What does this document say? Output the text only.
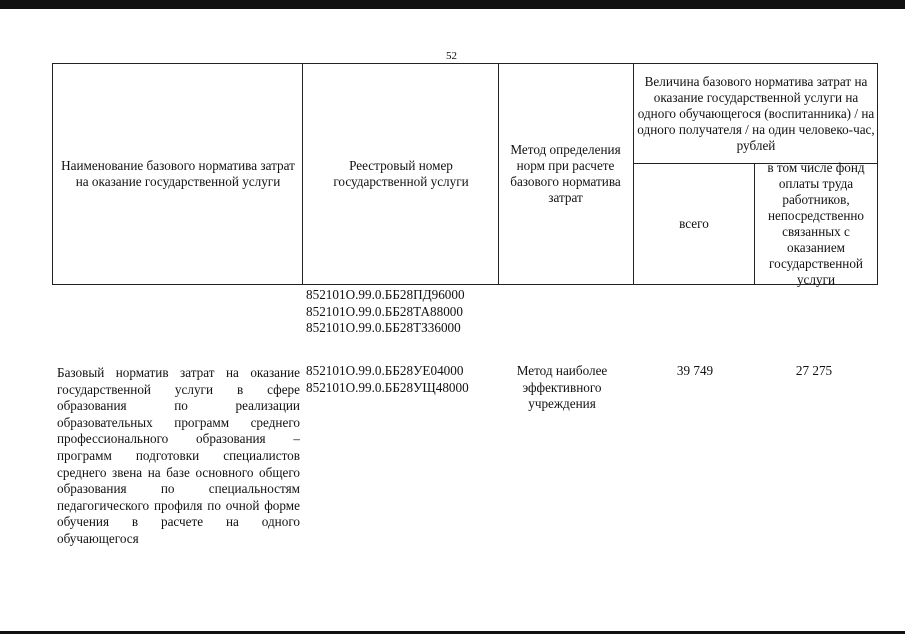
52
Наименование базового норматива затрат на оказание государственной услуги
Реестровый номер государственной услуги
Метод определения норм при расчете базового норматива затрат
Величина базового норматива затрат на оказание государственной услуги на одного обучающегося (воспитанника) / на одного получателя / на один человеко-час, рублей
всего
в том числе фонд оплаты труда работников, непосредственно связанных с оказанием государственной услуги
852101О.99.0.ББ28ПД96000
852101О.99.0.ББ28ТА88000
852101О.99.0.ББ28ТЗ36000
Базовый норматив затрат на оказание государственной услуги в сфере образования по реализации образовательных программ среднего профессионального образования – программ подготовки специалистов среднего звена на базе основного общего образования по специальностям педагогического профиля по очной форме обучения в расчете на одного обучающегося
852101О.99.0.ББ28УЕ04000
852101О.99.0.ББ28УЩ48000
Метод наиболее эффективного учреждения
39 749	27 275
